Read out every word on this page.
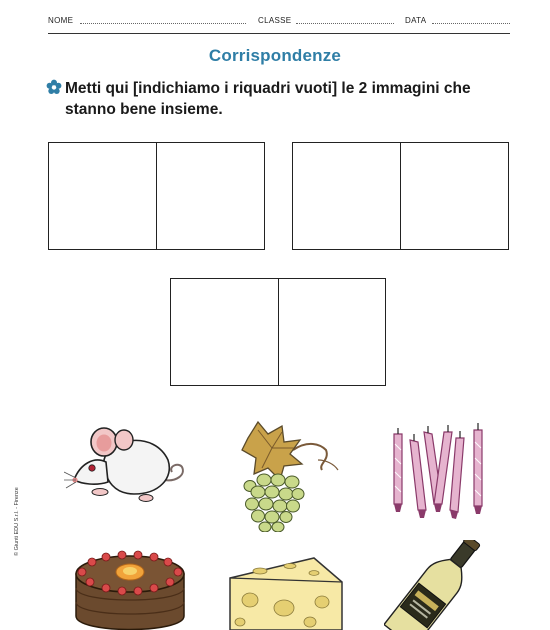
NOME	CLASSE	DATA
Corrispondenze
Metti qui [indichiamo i riquadri vuoti] le 2 immagini che stanno bene insieme.
© Giunti EDU S.r.l. - Firenze
